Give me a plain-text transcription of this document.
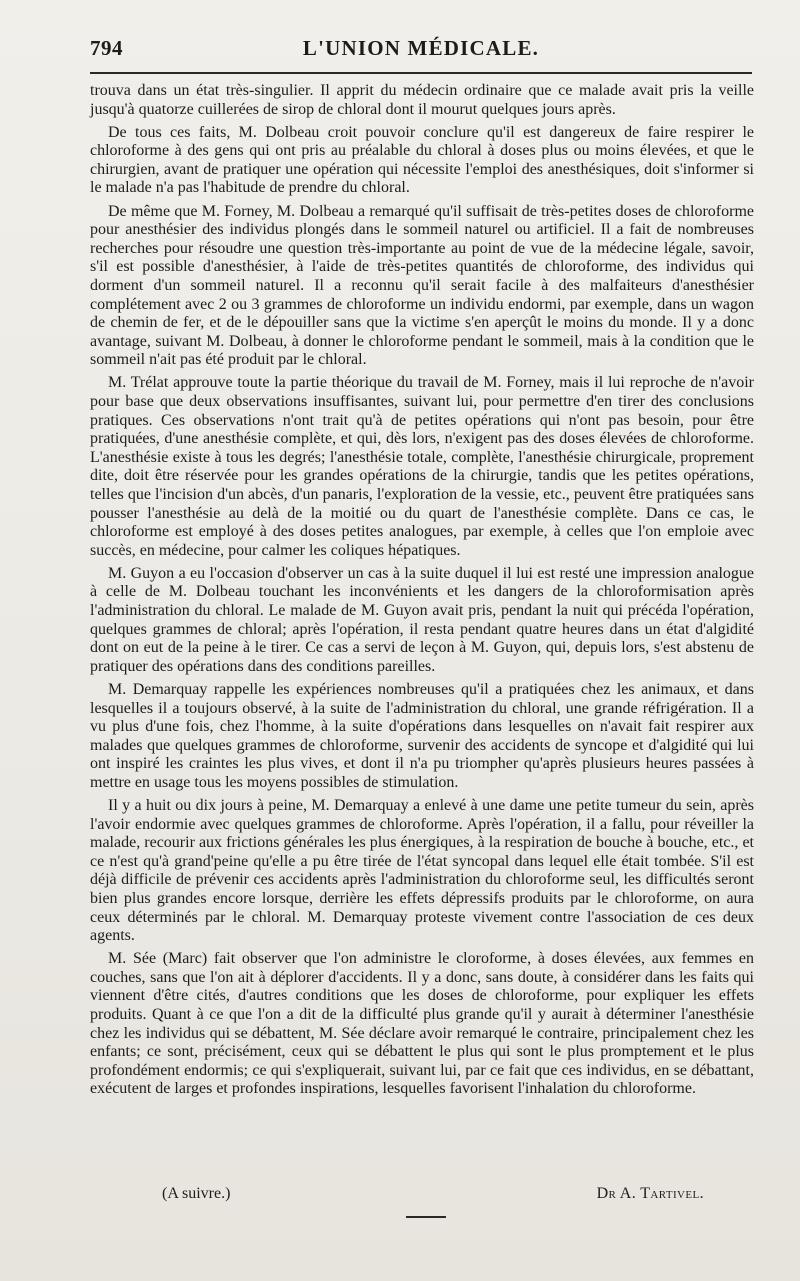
794	L'UNION MÉDICALE.

trouva dans un état très-singulier. Il apprit du médecin ordinaire que ce malade avait pris la veille jusqu'à quatorze cuillerées de sirop de chloral dont il mourut quelques jours après.

De tous ces faits, M. Dolbeau croit pouvoir conclure qu'il est dangereux de faire respirer le chloroforme à des gens qui ont pris au préalable du chloral à doses plus ou moins élevées, et que le chirurgien, avant de pratiquer une opération qui nécessite l'emploi des anesthésiques, doit s'informer si le malade n'a pas l'habitude de prendre du chloral.

De même que M. Forney, M. Dolbeau a remarqué qu'il suffisait de très-petites doses de chloroforme pour anesthésier des individus plongés dans le sommeil naturel ou artificiel. Il a fait de nombreuses recherches pour résoudre une question très-importante au point de vue de la médecine légale, savoir, s'il est possible d'anesthésier, à l'aide de très-petites quantités de chloroforme, des individus qui dorment d'un sommeil naturel. Il a reconnu qu'il serait facile à des malfaiteurs d'anesthésier complétement avec 2 ou 3 grammes de chloroforme un individu endormi, par exemple, dans un wagon de chemin de fer, et de le dépouiller sans que la victime s'en aperçût le moins du monde. Il y a donc avantage, suivant M. Dolbeau, à donner le chloroforme pendant le sommeil, mais à la condition que le sommeil n'ait pas été produit par le chloral.

M. Trélat approuve toute la partie théorique du travail de M. Forney, mais il lui reproche de n'avoir pour base que deux observations insuffisantes, suivant lui, pour permettre d'en tirer des conclusions pratiques. Ces observations n'ont trait qu'à de petites opérations qui n'ont pas besoin, pour être pratiquées, d'une anesthésie complète, et qui, dès lors, n'exigent pas des doses élevées de chloroforme. L'anesthésie existe à tous les degrés; l'anesthésie totale, complète, l'anesthésie chirurgicale, proprement dite, doit être réservée pour les grandes opérations de la chirurgie, tandis que les petites opérations, telles que l'incision d'un abcès, d'un panaris, l'exploration de la vessie, etc., peuvent être pratiquées sans pousser l'anesthésie au delà de la moitié ou du quart de l'anesthésie complète. Dans ce cas, le chloroforme est employé à des doses petites analogues, par exemple, à celles que l'on emploie avec succès, en médecine, pour calmer les coliques hépatiques.

M. Guyon a eu l'occasion d'observer un cas à la suite duquel il lui est resté une impression analogue à celle de M. Dolbeau touchant les inconvénients et les dangers de la chloroformisation après l'administration du chloral. Le malade de M. Guyon avait pris, pendant la nuit qui précéda l'opération, quelques grammes de chloral; après l'opération, il resta pendant quatre heures dans un état d'algidité dont on eut de la peine à le tirer. Ce cas a servi de leçon à M. Guyon, qui, depuis lors, s'est abstenu de pratiquer des opérations dans des conditions pareilles.

M. Demarquay rappelle les expériences nombreuses qu'il a pratiquées chez les animaux, et dans lesquelles il a toujours observé, à la suite de l'administration du chloral, une grande réfrigération. Il a vu plus d'une fois, chez l'homme, à la suite d'opérations dans lesquelles on n'avait fait respirer aux malades que quelques grammes de chloroforme, survenir des accidents de syncope et d'algidité qui lui ont inspiré les craintes les plus vives, et dont il n'a pu triompher qu'après plusieurs heures passées à mettre en usage tous les moyens possibles de stimulation.

Il y a huit ou dix jours à peine, M. Demarquay a enlevé à une dame une petite tumeur du sein, après l'avoir endormie avec quelques grammes de chloroforme. Après l'opération, il a fallu, pour réveiller la malade, recourir aux frictions générales les plus énergiques, à la respiration de bouche à bouche, etc., et ce n'est qu'à grand'peine qu'elle a pu être tirée de l'état syncopal dans lequel elle était tombée. S'il est déjà difficile de prévenir ces accidents après l'administration du chloroforme seul, les difficultés seront bien plus grandes encore lorsque, derrière les effets dépressifs produits par le chloroforme, on aura ceux déterminés par le chloral. M. Demarquay proteste vivement contre l'association de ces deux agents.

M. Sée (Marc) fait observer que l'on administre le cloroforme, à doses élevées, aux femmes en couches, sans que l'on ait à déplorer d'accidents. Il y a donc, sans doute, à considérer dans les faits qui viennent d'être cités, d'autres conditions que les doses de chloroforme, pour expliquer les effets produits. Quant à ce que l'on a dit de la difficulté plus grande qu'il y aurait à déterminer l'anesthésie chez les individus qui se débattent, M. Sée déclare avoir remarqué le contraire, principalement chez les enfants; ce sont, précisément, ceux qui se débattent le plus qui sont le plus promptement et le plus profondément endormis; ce qui s'expliquerait, suivant lui, par ce fait que ces individus, en se débattant, exécutent de larges et profondes inspirations, lesquelles favorisent l'inhalation du chloroforme.

(A suivre.)	Dr A. Tartivel.
